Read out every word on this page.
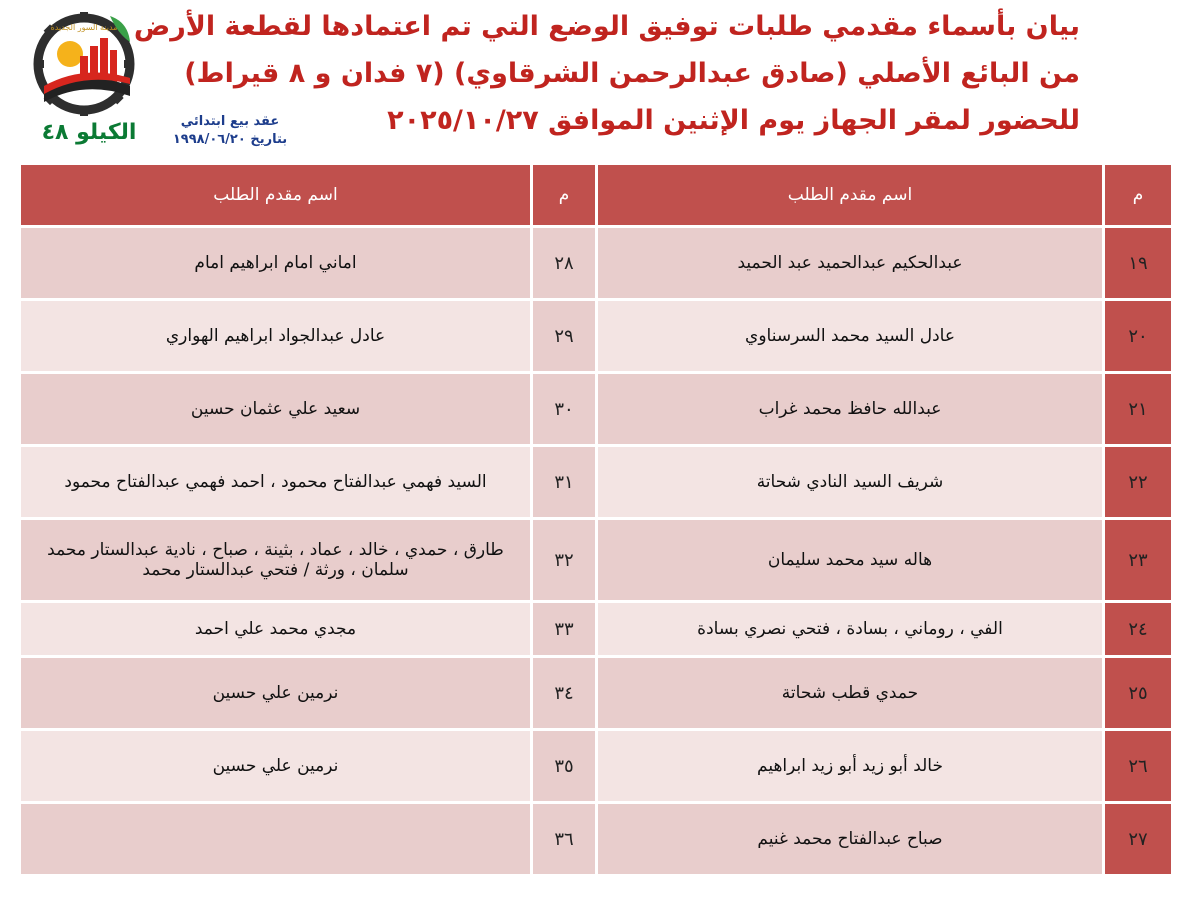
مدينة السور الجديدة
الكيلو ٤٨	عقد بيع ابتدائي
بتاريخ ١٩٩٨/٠٦/٢٠
بيان بأسماء مقدمي طلبات توفيق الوضع التي تم اعتمادها لقطعة الأرض
من البائع الأصلي (صادق عبدالرحمن الشرقاوي) (٧ فدان و ٨ قيراط)
للحضور لمقر الجهاز يوم الإثنين الموافق ٢٠٢٥/١٠/٢٧
م	اسم مقدم الطلب	م	اسم مقدم الطلب
١٩	عبدالحكيم عبدالحميد عبد الحميد	٢٨	اماني امام ابراهيم امام
٢٠	عادل السيد محمد السرسناوي	٢٩	عادل عبدالجواد ابراهيم الهواري
٢١	عبدالله حافظ محمد غراب	٣٠	سعيد علي عثمان حسين
٢٢	شريف السيد النادي شحاتة	٣١	السيد فهمي عبدالفتاح محمود ، احمد فهمي عبدالفتاح محمود
٢٣	هاله سيد محمد سليمان	٣٢	طارق ، حمدي ، خالد ، عماد ، بثينة ، صباح ، نادية عبدالستار محمد سلمان ، ورثة / فتحي عبدالستار محمد
٢٤	الفي ، روماني ، بسادة ، فتحي نصري بسادة	٣٣	مجدي محمد علي احمد
٢٥	حمدي قطب شحاتة	٣٤	نرمين علي حسين
٢٦	خالد أبو زيد أبو زيد ابراهيم	٣٥	نرمين علي حسين
٢٧	صباح عبدالفتاح محمد غنيم	٣٦	
